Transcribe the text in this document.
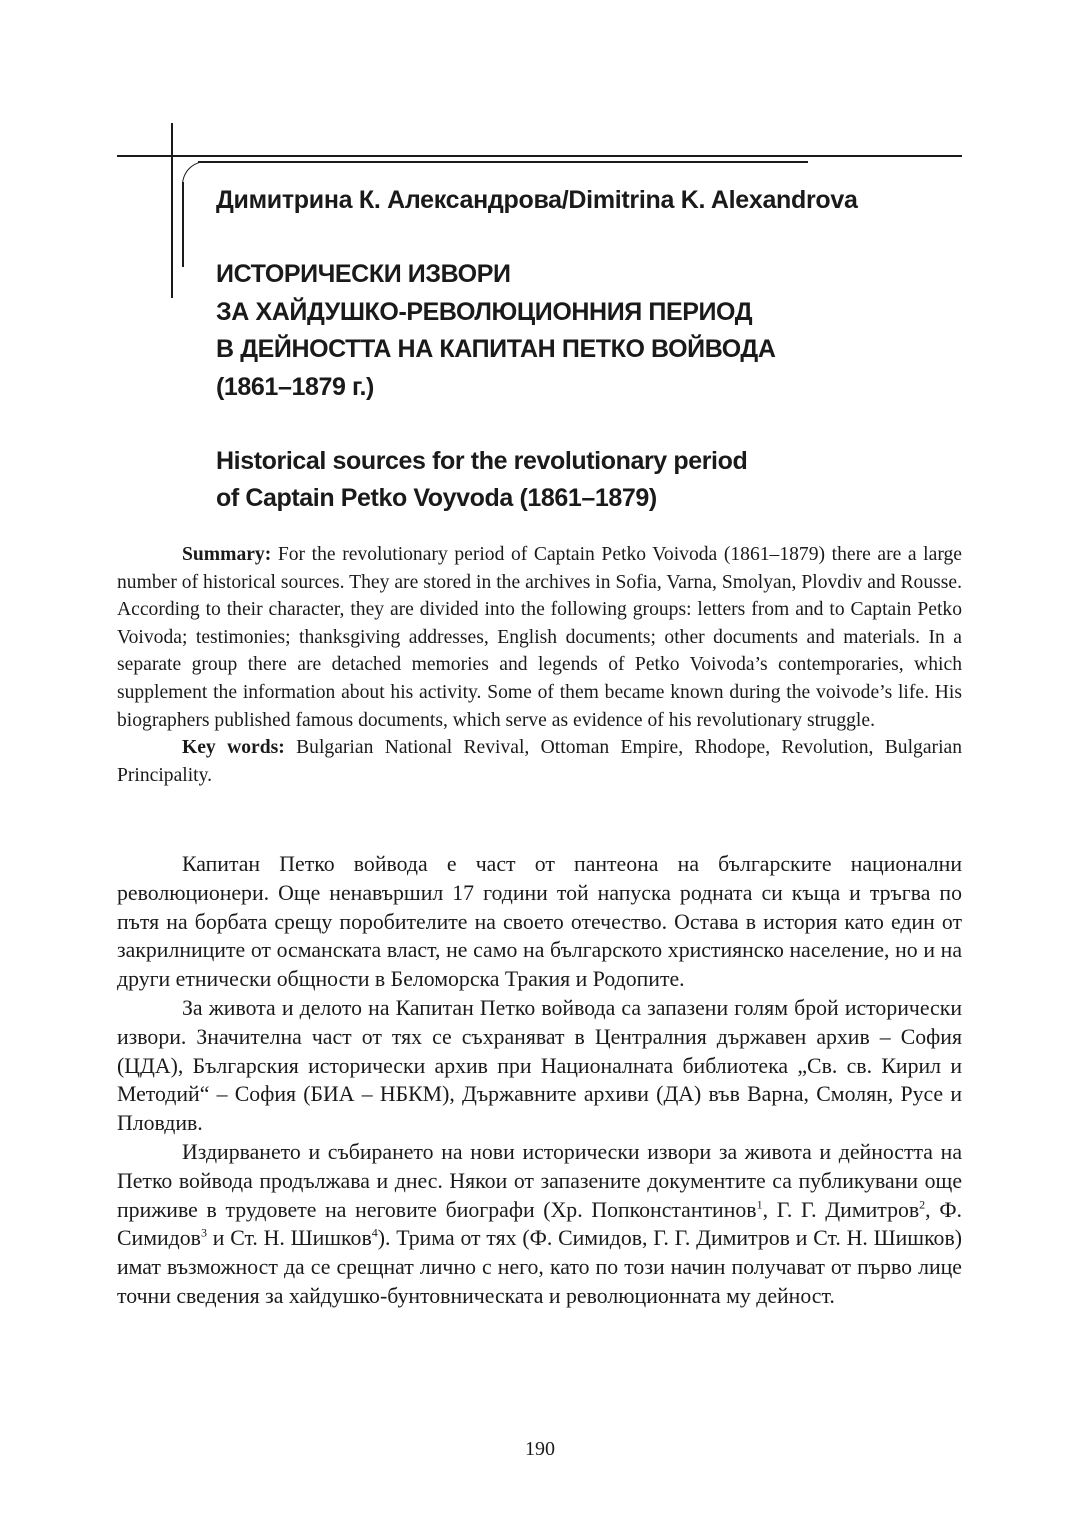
Димитрина К. Александрова/Dimitrina K. Alexandrova
ИСТОРИЧЕСКИ ИЗВОРИ
ЗА ХАЙДУШКО-РЕВОЛЮЦИОННИЯ ПЕРИОД
В ДЕЙНОСТТА НА КАПИТАН ПЕТКО ВОЙВОДА
(1861–1879 г.)
Historical sources for the revolutionary period
of Captain Petko Voyvoda (1861–1879)

Summary: For the revolutionary period of Captain Petko Voivoda (1861–1879) there are a large number of historical sources. They are stored in the archives in Sofia, Varna, Smolyan, Plovdiv and Rousse. According to their character, they are divided into the following groups: letters from and to Captain Petko Voivoda; testimonies; thanksgiving addresses, English documents; other documents and materials. In a separate group there are detached memories and legends of Petko Voivoda’s contemporaries, which supplement the information about his activity. Some of them became known during the voivode’s life. His biographers published famous documents, which serve as evidence of his revolutionary struggle.

Key words: Bulgarian National Revival, Ottoman Empire, Rhodope, Revolution, Bulgarian Principality.

Капитан Петко войвода е част от пантеона на българските национални революционери. Още ненавършил 17 години той напуска родната си къща и тръгва по пътя на борбата срещу поробителите на своето отечество. Остава в история като един от закрилниците от османската власт, не само на българското християнско население, но и на други етнически общности в Беломорска Тракия и Родопите.

За живота и делото на Капитан Петко войвода са запазени голям брой исторически извори. Значителна част от тях се съхраняват в Централния държавен архив – София (ЦДА), Българския исторически архив при Националната библиотека „Св. св. Кирил и Методий“ – София (БИА – НБКМ), Държавните архиви (ДА) във Варна, Смолян, Русе и Пловдив.

Издирването и събирането на нови исторически извори за живота и дейността на Петко войвода продължава и днес. Някои от запазените документите са публикувани още приживе в трудовете на неговите биографи (Хр. Попконстантинов$^1$, Г. Г. Димитров$^2$, Ф. Симидов$^3$ и Ст. Н. Шишков$^4$). Трима от тях (Ф. Симидов, Г. Г. Димитров и Ст. Н. Шишков) имат възможност да се срещнат лично с него, като по този начин получават от първо лице точни сведения за хайдушко-бунтовническата и революционната му дейност.

190
